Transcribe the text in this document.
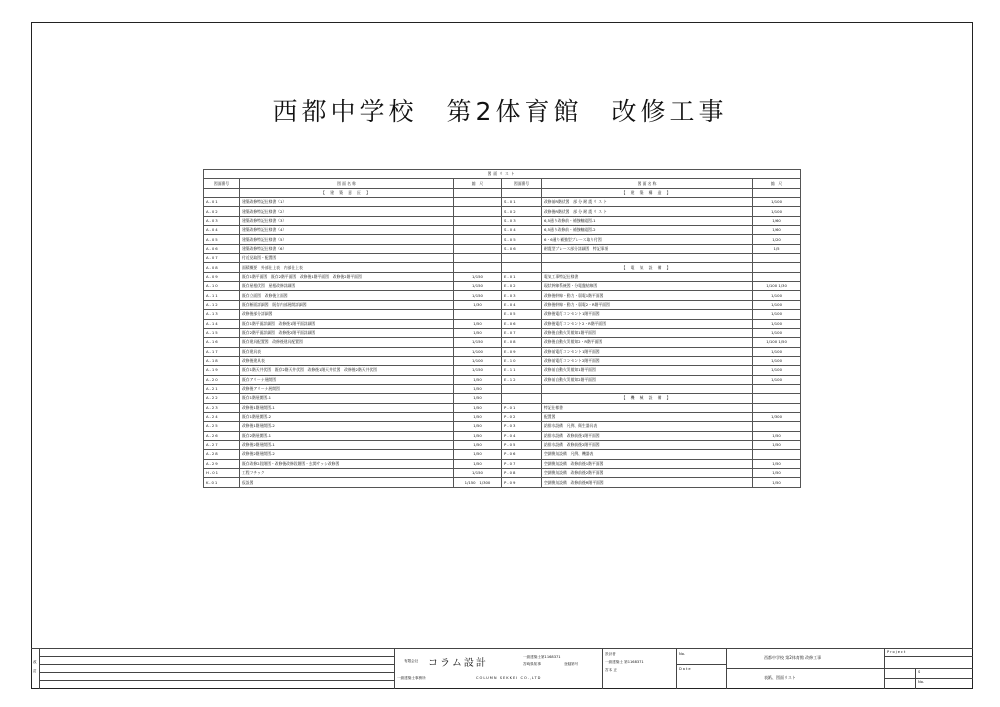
西都中学校　第2体育館　改修工事
図面リスト					
図面番号	図 面 名 称	縮　尺	図面番号	図 面 名 称	縮　尺
	【 建 築 意 匠 】			【 建 築 構 造 】	
A-01	建築改修特記仕様書（1）		S-01	改修前R階伏図　部 分 耐 震 リ ス ト	1/100
A-02	建築改修特記仕様書（2）		S-02	改修後R階伏図　部 分 耐 震 リ ス ト	1/100
A-03	建築改修特記仕様書（3）		S-03	6,5通り改修前・補強軸組図-1	1/60
A-04	建築改修特記仕様書（4）		S-04	6,5通り改修前・補強軸組図-2	1/60
A-05	建築改修特記仕様書（5）		S-05	6・6通り補強型ブレース取り付図	1/20
A-06	建築改修特記仕様書（6）		S-06	耐震型ブレース部分詳細図　特記事項	1/5
A-07	付近見取図・配置図				
A-08	面積概要　外部仕上表　内部仕上表			【 電 気 設 備 】	
A-09	既存1階平面図　既存2階平面図　改修後1階平面図　改修後2階平面図	1/150	E-01	電気工事特記仕様書	
A-10	既存屋根伏図　屋根改修詳細図	1/150	E-02	現状幹線系統図・分電盤結線図	1/100 1/30
A-11	既存立面図　改修後立面図	1/150	E-03	改修後幹線・動力・弱電1階平面図	1/100
A-12	既存断面詳細図　既存内部展開詳細図	1/30	E-04	改修後幹線・動力・弱電2・R階平面図	1/100
A-13	改修後部分詳細図		E-05	改修後電灯コンセント1階平面図	1/100
A-14	既存1階平面詳細図　改修後1階平面詳細図	1/50	E-06	改修後電灯コンセント2・R階平面図	1/100
A-15	既存2階平面詳細図　改修後2階平面詳細図	1/50	E-07	改修後自動火災報知1階平面図	1/100
A-16	既存建具配置図　改修後建具配置図	1/150	E-08	改修後自動火災報知2・R階平面図	1/100 1/50
A-17	既存建具表	1/100	E-09	改修前電灯コンセント1階平面図	1/100
A-18	改修後建具表	1/100	E-10	改修前電灯コンセント2階平面図	1/100
A-19	既存1階天井伏図　既存2階天井伏図　改修後1階天井伏図　改修後2階天井伏図	1/150	E-11	改修前自動火災報知1階平面図	1/100
A-20	既存アリーナ展開図	1/50	E-12	改修前自動火災報知2階平面図	1/100
A-21	改修後アリーナ展開図	1/50			
A-22	既存1階展開図-1	1/50		【 機 械 設 備 】	
A-23	改修後1階展開図-1	1/50	P-01	特記仕様書	
A-24	既存1階展開図-2	1/50	P-02	配置図	1/300
A-25	改修後1階展開図-2	1/50	P-03	給排水設備　凡例、衛生器具表	
A-26	既存2階展開図-1	1/50	P-04	給排水設備　改修前後1階平面図	1/50
A-27	改修後2階展開図-1	1/50	P-05	給排水設備　改修前後2階平面図	1/50
A-28	改修後2階展開図-2	1/50	P-06	空調換気設備　凡例、機器表	
A-29	既存改修2段階図・改修後改修段階図・玄関サッシ改修図	1/50	P-07	空調換気設備　改修前後1階平面図	1/50
H-01	工程フチック	1/150	P-08	空調換気設備　改修前後2階平面図	1/50
K-01	仮設図	1/150　1/300	P-09	空調換気設備　改修前後R階平面図	1/50
改
訂
有限会社 コラム設計
一級建築士第1168371
宮崎県知事	登録第号
一級建築士事務所	COLUMN SEKKEI CO.,LTD
設計者
一級建築士 第1168371
宮本 正
No.
Date
西都中学校 第2体育館 改修工事
表紙、図面リスト
Project
S
No.
